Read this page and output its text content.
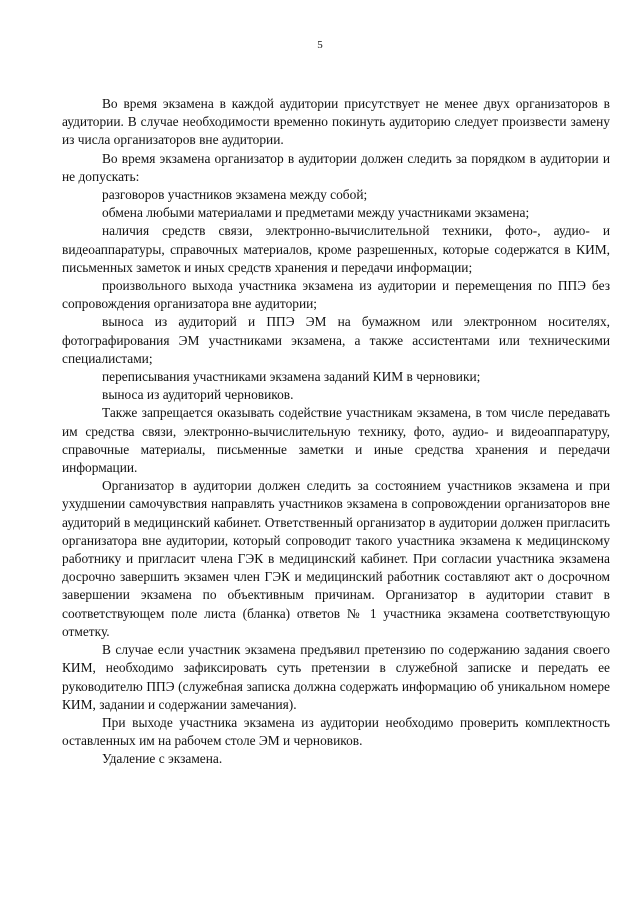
5

Во время экзамена в каждой аудитории присутствует не менее двух организаторов в аудитории. В случае необходимости временно покинуть аудиторию следует произвести замену из числа организаторов вне аудитории.

Во время экзамена организатор в аудитории должен следить за порядком в аудитории и не допускать:

разговоров участников экзамена между собой;

обмена любыми материалами и предметами между участниками экзамена;

наличия средств связи, электронно-вычислительной техники, фото-, аудио- и видеоаппаратуры, справочных материалов, кроме разрешенных, которые содержатся в КИМ, письменных заметок и иных средств хранения и передачи информации;

произвольного выхода участника экзамена из аудитории и перемещения по ППЭ без сопровождения организатора вне аудитории;

выноса из аудиторий и ППЭ ЭМ на бумажном или электронном носителях, фотографирования ЭМ участниками экзамена, а также ассистентами или техническими специалистами;

переписывания участниками экзамена заданий КИМ в черновики;

выноса из аудиторий черновиков.

Также запрещается оказывать содействие участникам экзамена, в том числе передавать им средства связи, электронно-вычислительную технику, фото, аудио- и видеоаппаратуру, справочные материалы, письменные заметки и иные средства хранения и передачи информации.

Организатор в аудитории должен следить за состоянием участников экзамена и при ухудшении самочувствия направлять участников экзамена в сопровождении организаторов вне аудиторий в медицинский кабинет. Ответственный организатор в аудитории должен пригласить организатора вне аудитории, который сопроводит такого участника экзамена к медицинскому работнику и пригласит члена ГЭК в медицинский кабинет. При согласии участника экзамена досрочно завершить экзамен член ГЭК и медицинский работник составляют акт о досрочном завершении экзамена по объективным причинам. Организатор в аудитории ставит в соответствующем поле листа (бланка) ответов № 1 участника экзамена соответствующую отметку.

В случае если участник экзамена предъявил претензию по содержанию задания своего КИМ, необходимо зафиксировать суть претензии в служебной записке и передать ее руководителю ППЭ (служебная записка должна содержать информацию об уникальном номере КИМ, задании и содержании замечания).

При выходе участника экзамена из аудитории необходимо проверить комплектность оставленных им на рабочем столе ЭМ и черновиков.

Удаление с экзамена.
